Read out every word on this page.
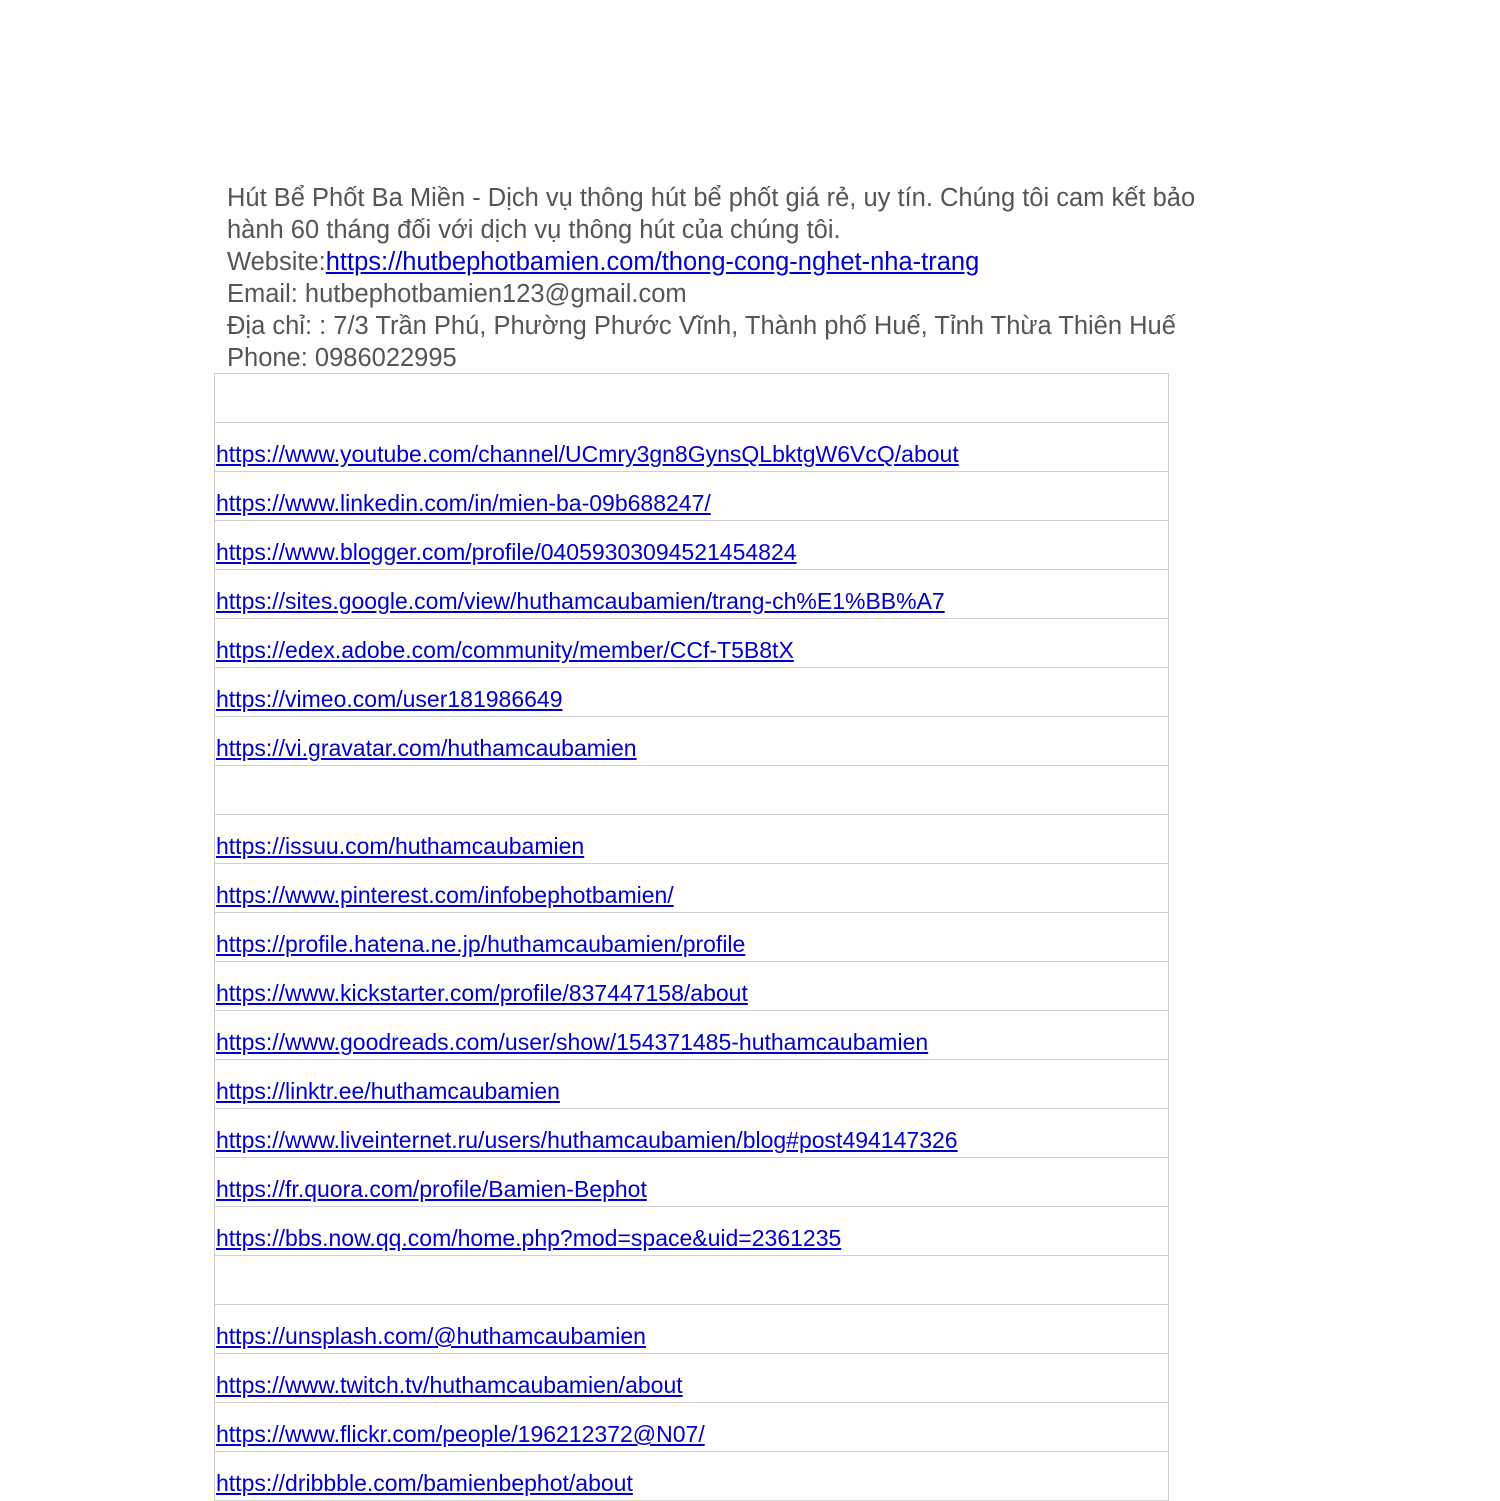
Hút Bể Phốt Ba Miền - Dịch vụ thông hút bể phốt giá rẻ, uy tín. Chúng tôi cam kết bảo hành 60 tháng đối với dịch vụ thông hút của chúng tôi.
Website:https://hutbephotbamien.com/thong-cong-nghet-nha-trang
Email: hutbephotbamien123@gmail.com
Địa chỉ: : 7/3 Trần Phú, Phường Phước Vĩnh, Thành phố Huế, Tỉnh Thừa Thiên Huế
Phone: 0986022995

https://www.youtube.com/channel/UCmry3gn8GynsQLbktgW6VcQ/about
https://www.linkedin.com/in/mien-ba-09b688247/
https://www.blogger.com/profile/04059303094521454824
https://sites.google.com/view/huthamcaubamien/trang-ch%E1%BB%A7
https://edex.adobe.com/community/member/CCf-T5B8tX
https://vimeo.com/user181986649
https://vi.gravatar.com/huthamcaubamien

https://issuu.com/huthamcaubamien
https://www.pinterest.com/infobephotbamien/
https://profile.hatena.ne.jp/huthamcaubamien/profile
https://www.kickstarter.com/profile/837447158/about
https://www.goodreads.com/user/show/154371485-huthamcaubamien
https://linktr.ee/huthamcaubamien
https://www.liveinternet.ru/users/huthamcaubamien/blog#post494147326
https://fr.quora.com/profile/Bamien-Bephot
https://bbs.now.qq.com/home.php?mod=space&uid=2361235

https://unsplash.com/@huthamcaubamien
https://www.twitch.tv/huthamcaubamien/about
https://www.flickr.com/people/196212372@N07/
https://dribbble.com/bamienbephot/about
